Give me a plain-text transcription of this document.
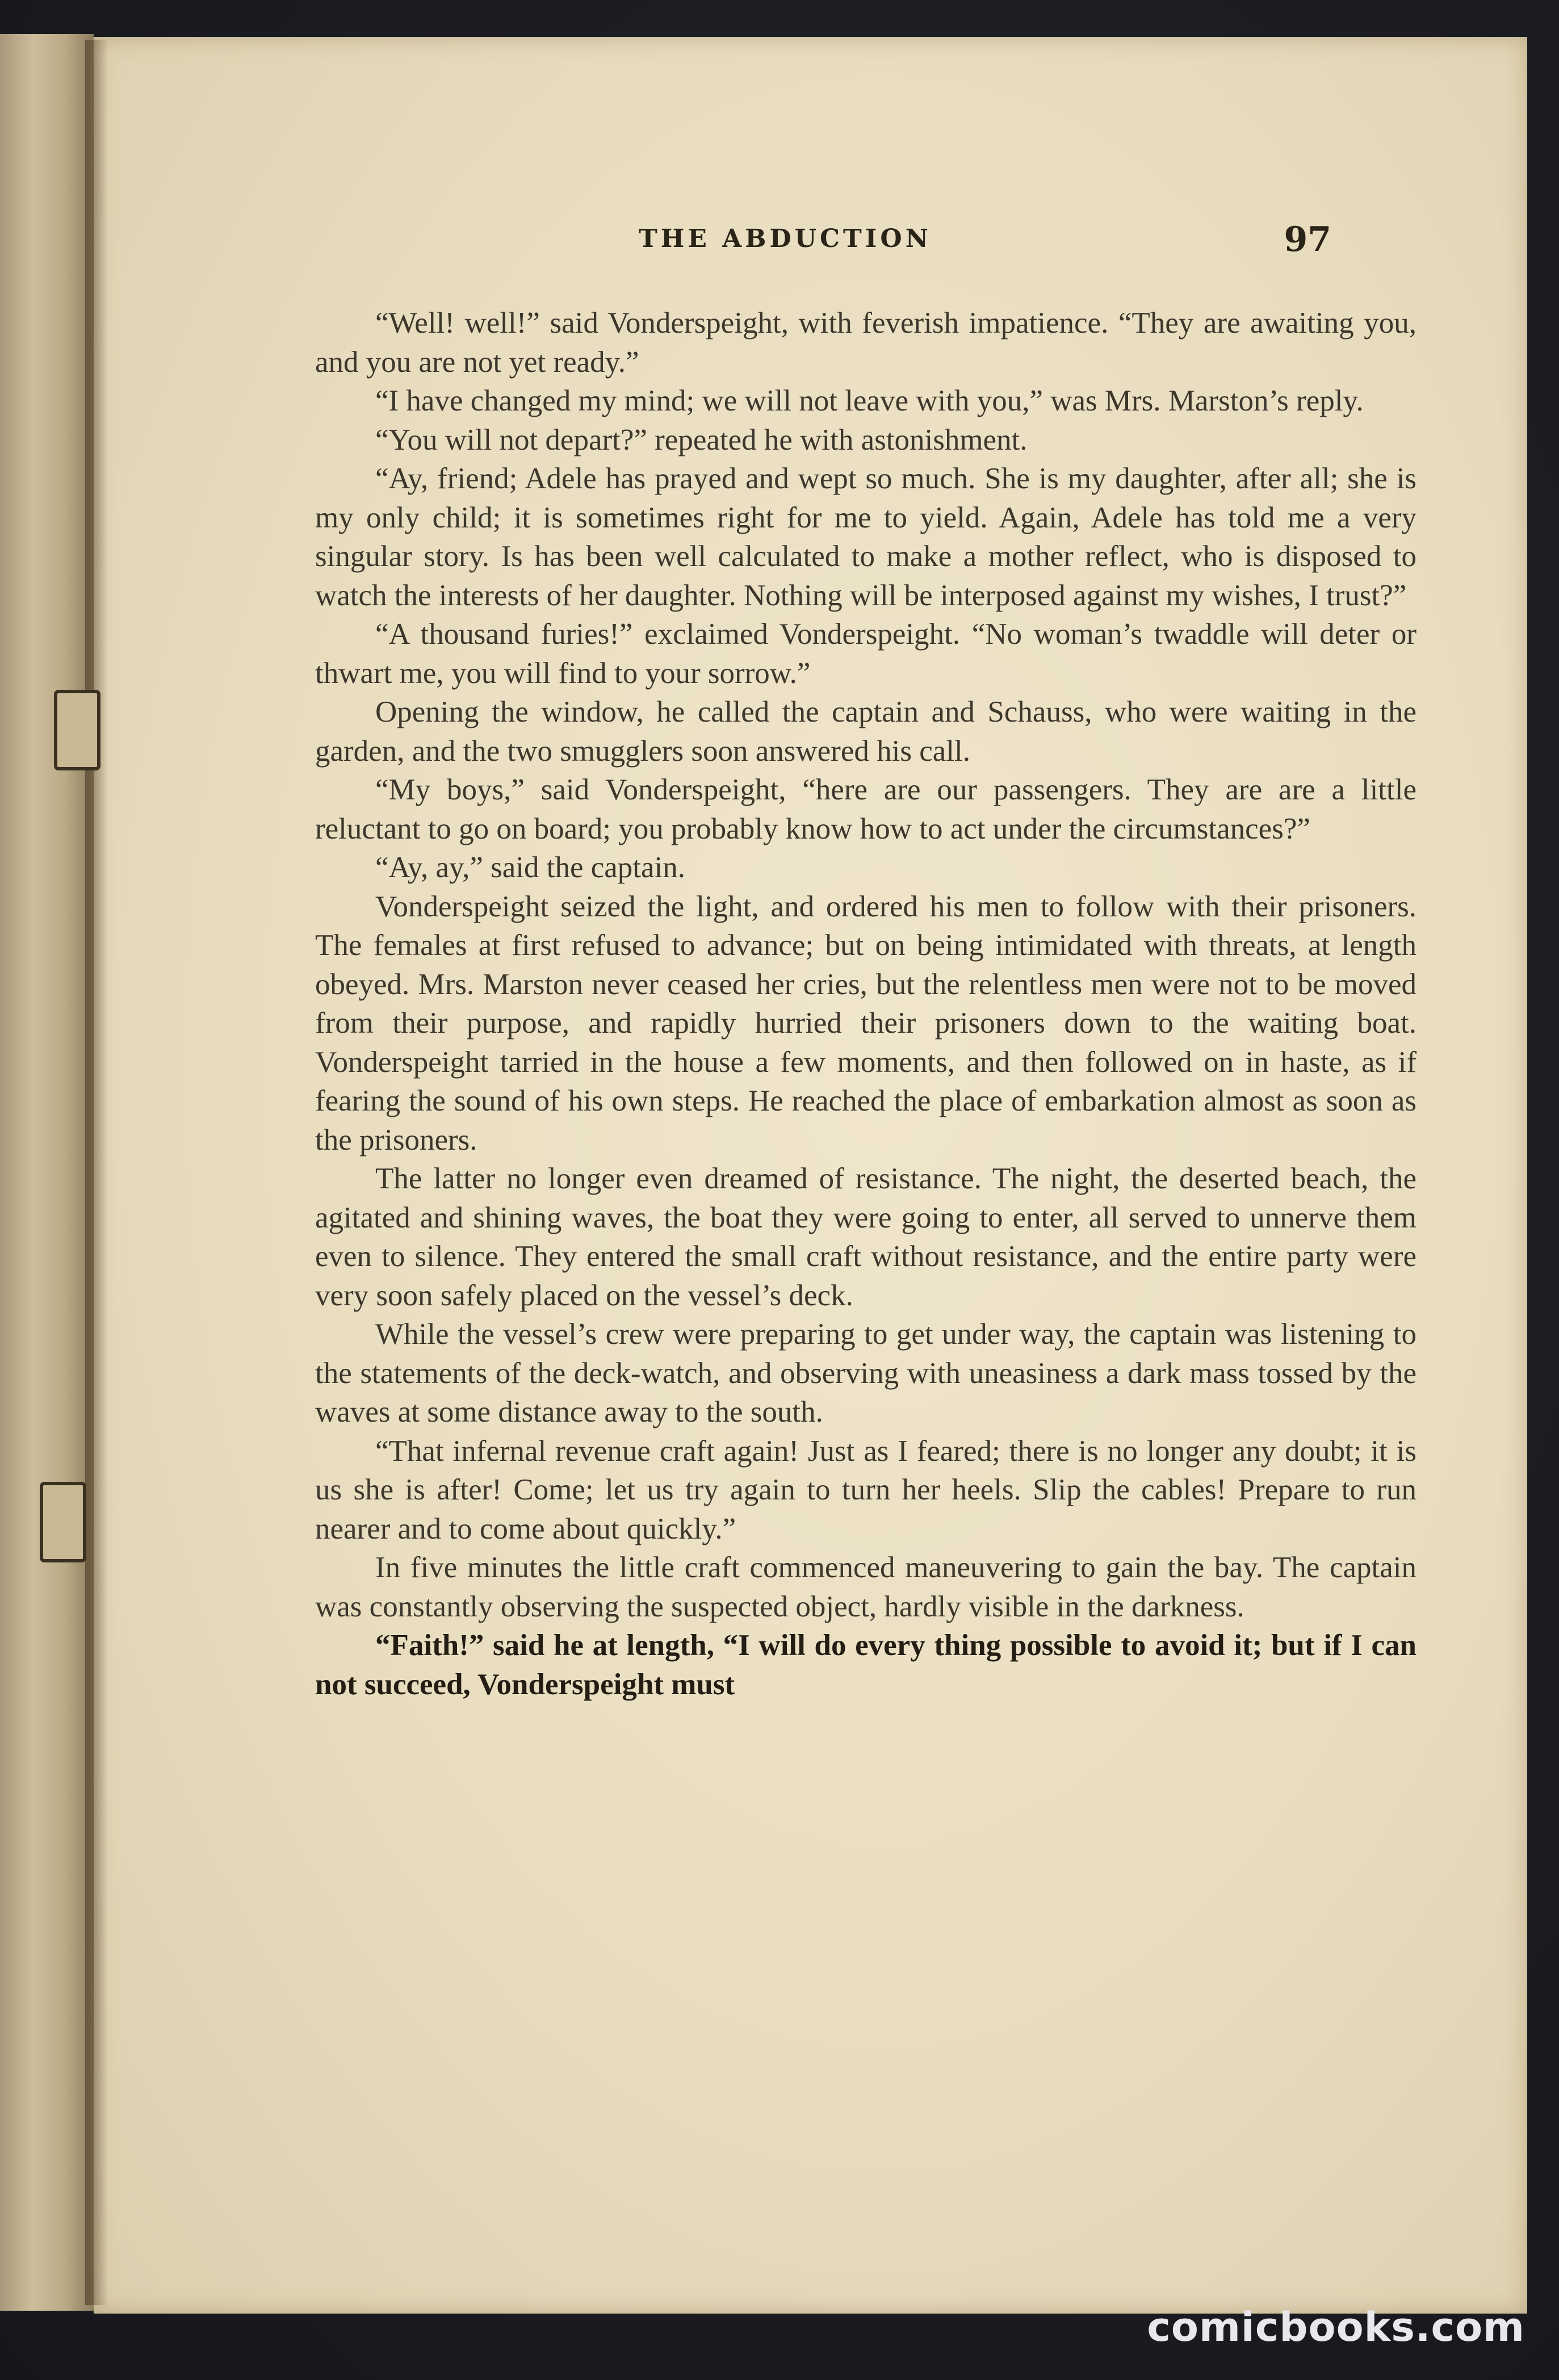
THE ABDUCTION	97

“Well! well!” said Vonderspeight, with feverish impatience. “They are awaiting you, and you are not yet ready.”

“I have changed my mind; we will not leave with you,” was Mrs. Marston’s reply.

“You will not depart?” repeated he with astonishment.

“Ay, friend; Adele has prayed and wept so much. She is my daughter, after all; she is my only child; it is sometimes right for me to yield. Again, Adele has told me a very singular story. Is has been well calculated to make a mother reflect, who is disposed to watch the interests of her daughter. Nothing will be interposed against my wishes, I trust?”

“A thousand furies!” exclaimed Vonderspeight. “No woman’s twaddle will deter or thwart me, you will find to your sorrow.”

Opening the window, he called the captain and Schauss, who were waiting in the garden, and the two smugglers soon answered his call.

“My boys,” said Vonderspeight, “here are our passengers. They are are a little reluctant to go on board; you probably know how to act under the circumstances?”

“Ay, ay,” said the captain.

Vonderspeight seized the light, and ordered his men to follow with their prisoners. The females at first refused to advance; but on being intimidated with threats, at length obeyed. Mrs. Marston never ceased her cries, but the relentless men were not to be moved from their purpose, and rapidly hurried their prisoners down to the waiting boat. Vonderspeight tarried in the house a few moments, and then followed on in haste, as if fearing the sound of his own steps. He reached the place of embarkation almost as soon as the prisoners.

The latter no longer even dreamed of resistance. The night, the deserted beach, the agitated and shining waves, the boat they were going to enter, all served to unnerve them even to silence. They entered the small craft without resistance, and the entire party were very soon safely placed on the vessel’s deck.

While the vessel’s crew were preparing to get under way, the captain was listening to the statements of the deck-watch, and observing with uneasiness a dark mass tossed by the waves at some distance away to the south.

“That infernal revenue craft again! Just as I feared; there is no longer any doubt; it is us she is after! Come; let us try again to turn her heels. Slip the cables! Prepare to run nearer and to come about quickly.”

In five minutes the little craft commenced maneuvering to gain the bay. The captain was constantly observing the suspected object, hardly visible in the darkness.

“Faith!” said he at length, “I will do every thing possible to avoid it; but if I can not succeed, Vonderspeight must

comicbooks.com
